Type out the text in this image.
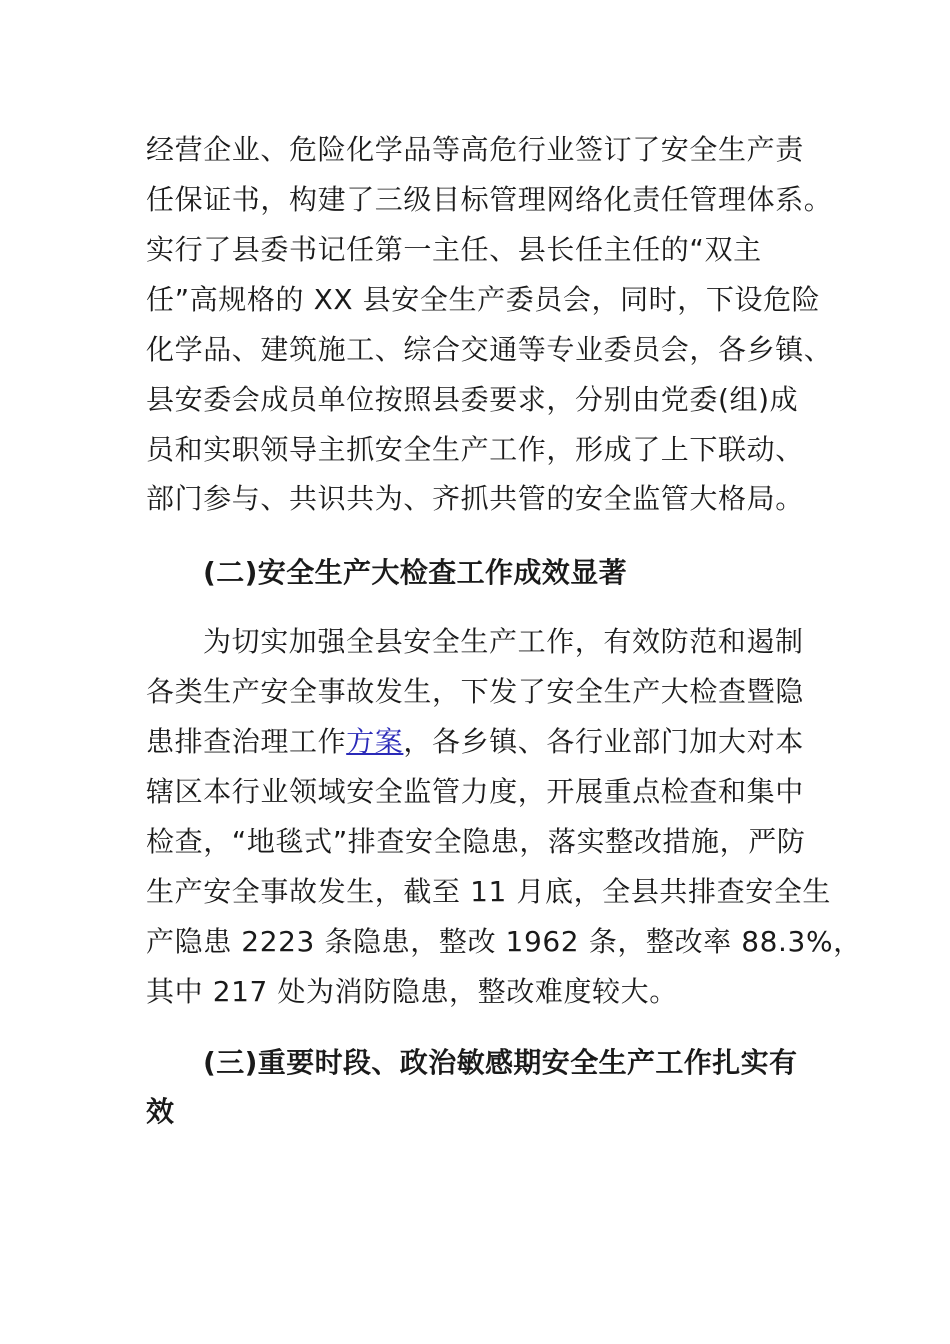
经营企业、危险化学品等高危行业签订了安全生产责
任保证书，构建了三级目标管理网络化责任管理体系。
实行了县委书记任第一主任、县长任主任的“双主
任”高规格的 XX 县安全生产委员会，同时，下设危险
化学品、建筑施工、综合交通等专业委员会，各乡镇、
县安委会成员单位按照县委要求，分别由党委(组)成
员和实职领导主抓安全生产工作，形成了上下联动、
部门参与、共识共为、齐抓共管的安全监管大格局。
(二)安全生产大检查工作成效显著
为切实加强全县安全生产工作，有效防范和遏制
各类生产安全事故发生，下发了安全生产大检查暨隐
患排查治理工作方案，各乡镇、各行业部门加大对本
辖区本行业领域安全监管力度，开展重点检查和集中
检查，“地毯式”排查安全隐患，落实整改措施，严防
生产安全事故发生，截至 11 月底，全县共排查安全生
产隐患 2223 条隐患，整改 1962 条，整改率 88.3%，
其中 217 处为消防隐患，整改难度较大。
(三)重要时段、政治敏感期安全生产工作扎实有
效
